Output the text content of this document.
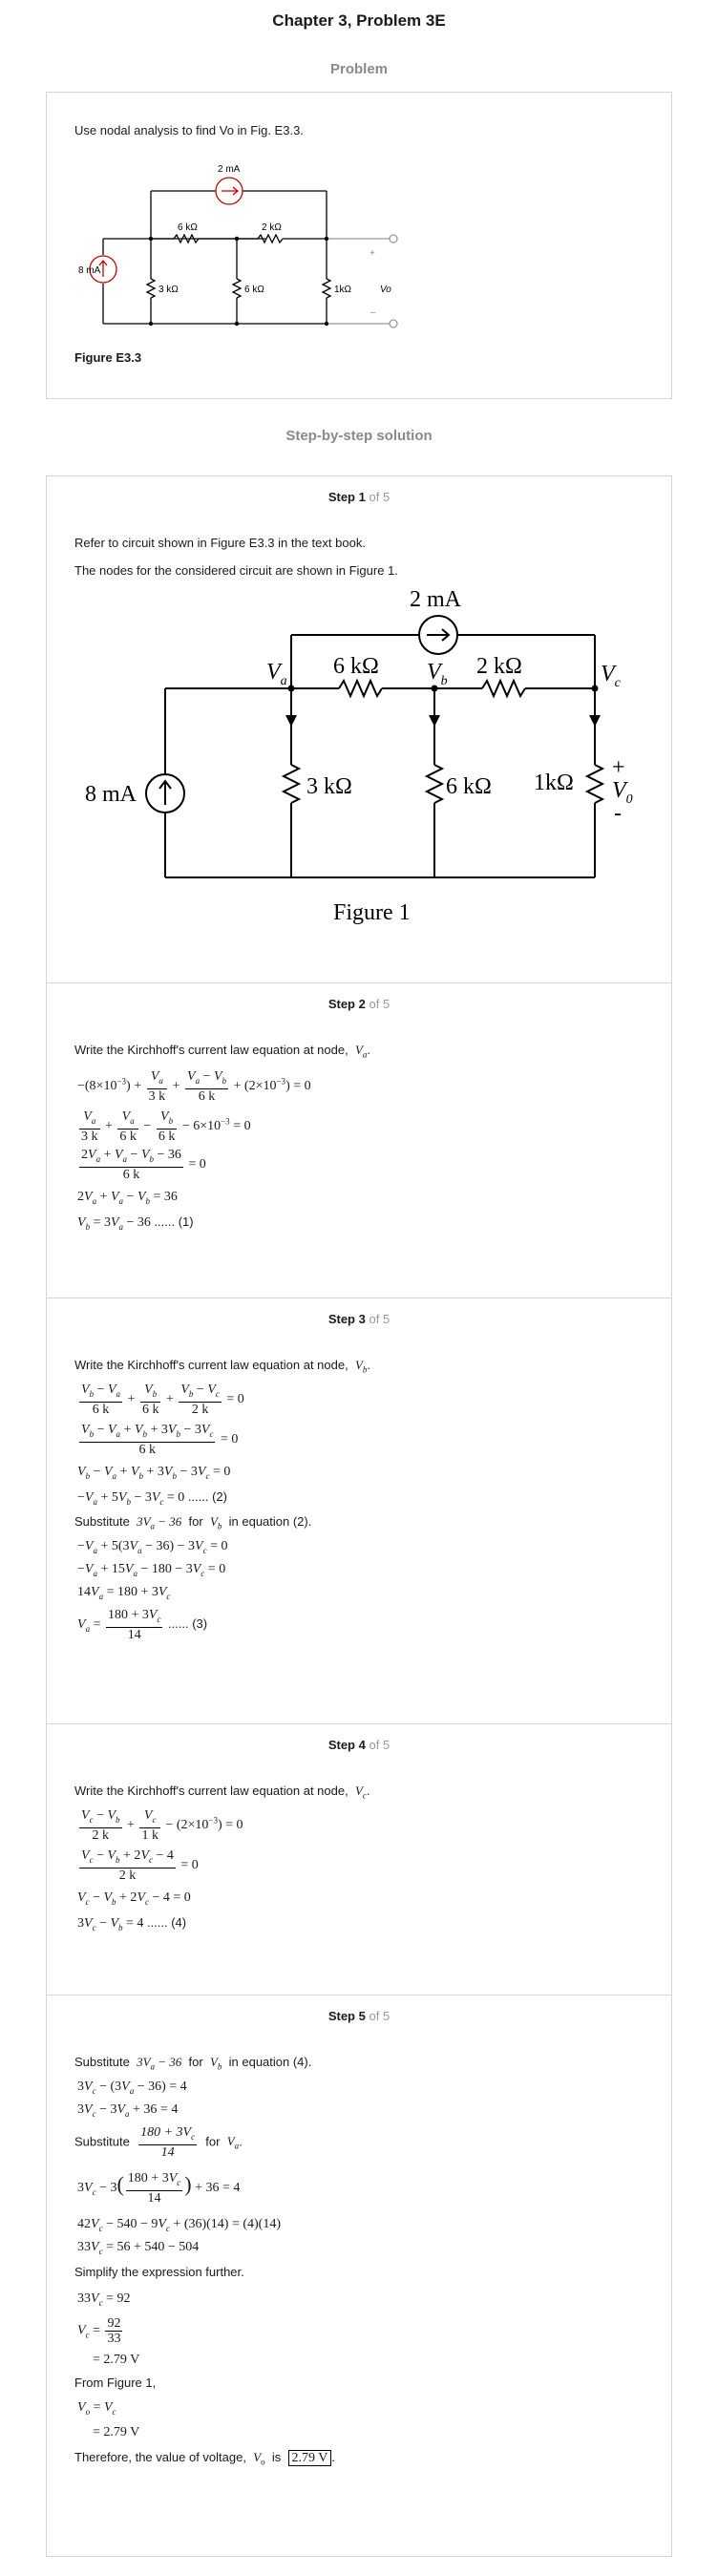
Chapter 3, Problem 3E
Problem
Use nodal analysis to find Vo in Fig. E3.3.
8 mA
2 mA
6 kΩ	2 kΩ
3 kΩ	6 kΩ	1kΩ	Vo
+
–
Figure E3.3
Step-by-step solution
Step 1 of 5
Refer to circuit shown in Figure E3.3 in the text book.
The nodes for the considered circuit are shown in Figure 1.
2 mA
8 mA
6 kΩ	2 kΩ
3 kΩ	6 kΩ 1kΩ
$V_a$	$V_b$	$V_c$
+
$V_0$
-
Figure 1
Step 2 of 5
Write the Kirchhoff's current law equation at node, $V_a$.
$-(8\times 10^{-3}) + \frac{V_a}{3 k} + \frac{V_a - V_b}{6 k} + (2\times 10^{-3}) = 0$
$\frac{V_a}{3 k} + \frac{V_a}{6 k} - \frac{V_b}{6 k} - 6\times 10^{-3} = 0$
$\frac{2V_a + V_a - V_b - 36}{6 k} = 0$
$2V_a + V_a - V_b = 36$
$V_b = 3V_a - 36$ ...... (1)
Step 3 of 5
Write the Kirchhoff's current law equation at node, $V_b$.
$\frac{V_b - V_a}{6 k} + \frac{V_b}{6 k} + \frac{V_b - V_c}{2 k} = 0$
$\frac{V_b - V_a + V_b + 3V_b - 3V_c}{6 k} = 0$
$V_b - V_a + V_b + 3V_b - 3V_c = 0$
$-V_a + 5V_b - 3V_c = 0$ ...... (2)
Substitute $3V_a - 36$ for $V_b$ in equation (2).
$-V_a + 5(3V_a - 36) - 3V_c = 0$
$-V_a + 15V_a - 180 - 3V_c = 0$
$14V_a = 180 + 3V_c$
$V_a = \frac{180 + 3V_c}{14}$ ...... (3)
Step 4 of 5
Write the Kirchhoff's current law equation at node, $V_c$.
$\frac{V_c - V_b}{2 k} + \frac{V_c}{1 k} - (2\times 10^{-3}) = 0$
$\frac{V_c - V_b + 2V_c - 4}{2 k} = 0$
$V_c - V_b + 2V_c - 4 = 0$
$3V_c - V_b = 4$ ...... (4)
Step 5 of 5
Substitute $3V_a - 36$ for $V_b$ in equation (4).
$3V_c - (3V_a - 36) = 4$
$3V_c - 3V_a + 36 = 4$
Substitute $\frac{180 + 3V_c}{14}$ for $V_a$.
$3V_c - 3( \frac{180 + 3V_c}{14}$ ) + 36 = 4
$42V_c - 540 - 9V_c + (36)(14) = (4)(14)$
$33V_c = 56 + 540 - 504$
Simplify the expression further.
$33V_c = 92$
$V_c = \frac{92}{33}$
= 2.79 V
From Figure 1,
$V_o = V_c$
= 2.79 V
Therefore, the value of voltage, $V_o$ is 2.79 V .
